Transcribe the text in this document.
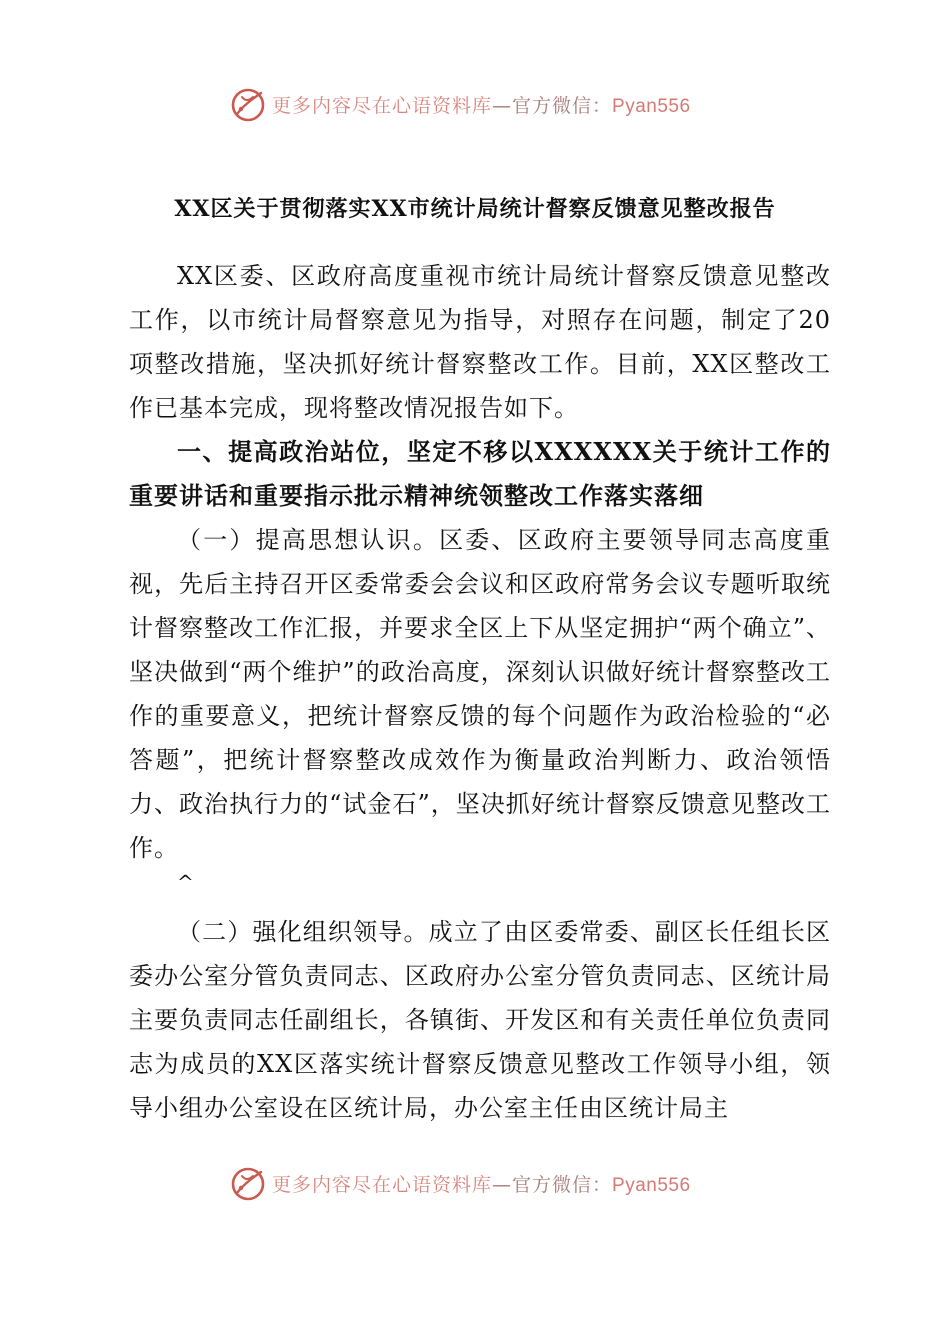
更多内容尽在心语资料库—官方微信：Pyan556
XX区关于贯彻落实XX市统计局统计督察反馈意见整改报告

XX区委、区政府高度重视市统计局统计督察反馈意见整改工作，以市统计局督察意见为指导，对照存在问题，制定了20项整改措施，坚决抓好统计督察整改工作。目前，XX区整改工作已基本完成，现将整改情况报告如下。

一、提高政治站位，坚定不移以XXXXXX关于统计工作的重要讲话和重要指示批示精神统领整改工作落实落细

（一）提高思想认识。区委、区政府主要领导同志高度重视，先后主持召开区委常委会会议和区政府常务会议专题听取统计督察整改工作汇报，并要求全区上下从坚定拥护“两个确立”、坚决做到“两个维护”的政治高度，深刻认识做好统计督察整改工作的重要意义，把统计督察反馈的每个问题作为政治检验的“必答题”，把统计督察整改成效作为衡量政治判断力、政治领悟力、政治执行力的“试金石”，坚决抓好统计督察反馈意见整改工作。

^

（二）强化组织领导。成立了由区委常委、副区长任组长区委办公室分管负责同志、区政府办公室分管负责同志、区统计局主要负责同志任副组长，各镇街、开发区和有关责任单位负责同志为成员的XX区落实统计督察反馈意见整改工作领导小组，领导小组办公室设在区统计局，办公室主任由区统计局主

更多内容尽在心语资料库—官方微信：Pyan556
